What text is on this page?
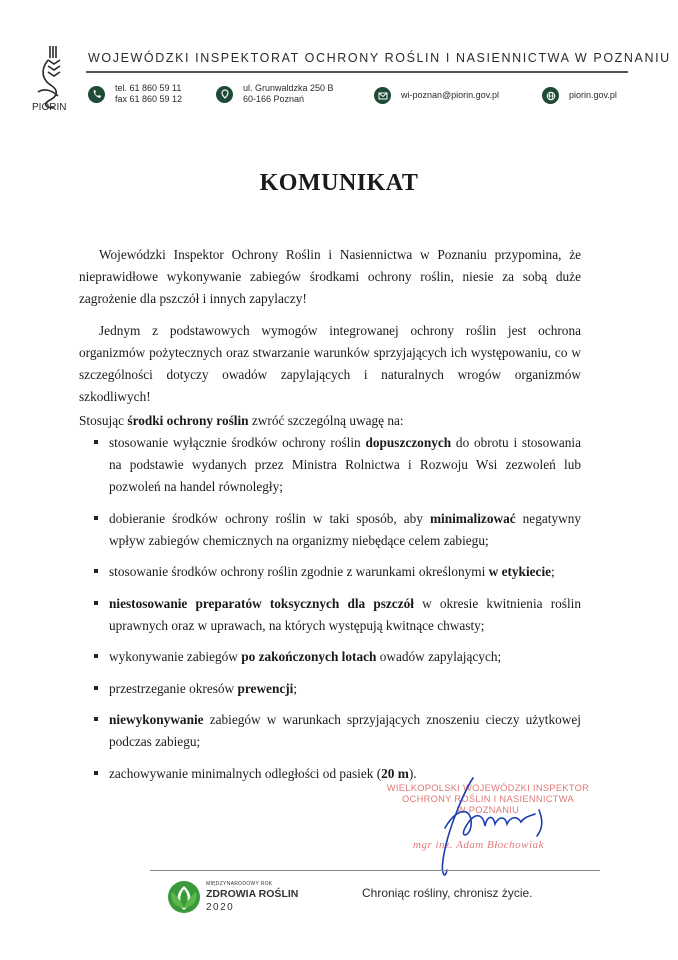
PIORIN
WOJEWÓDZKI INSPEKTORAT OCHRONY ROŚLIN I NASIENNICTWA W POZNANIU
tel. 61 860 59 11
fax 61 860 59 12
ul. Grunwaldzka 250 B
60-166 Poznań	wi-poznan@piorin.gov.pl	piorin.gov.pl
KOMUNIKAT
Wojewódzki Inspektor Ochrony Roślin i Nasiennictwa w Poznaniu przypomina, że nieprawidłowe wykonywanie zabiegów środkami ochrony roślin, niesie za sobą duże zagrożenie dla pszczół i innych zapylaczy!
Jednym z podstawowych wymogów integrowanej ochrony roślin jest ochrona organizmów pożytecznych oraz stwarzanie warunków sprzyjających ich występowaniu, co w szczególności dotyczy owadów zapylających i naturalnych wrogów organizmów szkodliwych!
Stosując środki ochrony roślin zwróć szczególną uwagę na:
stosowanie wyłącznie środków ochrony roślin dopuszczonych do obrotu i stosowania na podstawie wydanych przez Ministra Rolnictwa i Rozwoju Wsi zezwoleń lub pozwoleń na handel równoległy;
dobieranie środków ochrony roślin w taki sposób, aby minimalizować negatywny wpływ zabiegów chemicznych na organizmy niebędące celem zabiegu;
stosowanie środków ochrony roślin zgodnie z warunkami określonymi w etykiecie;
niestosowanie preparatów toksycznych dla pszczół w okresie kwitnienia roślin uprawnych oraz w uprawach, na których występują kwitnące chwasty;
wykonywanie zabiegów po zakończonych lotach owadów zapylających;
przestrzeganie okresów prewencji;
niewykonywanie zabiegów w warunkach sprzyjających znoszeniu cieczy użytkowej podczas zabiegu;
zachowywanie minimalnych odległości od pasiek (20 m).
WIELKOPOLSKI WOJEWÓDZKI INSPEKTOR
OCHRONY ROŚLIN I NASIENNICTWA
W POZNANIU
mgr inż. Adam Błochowiak
MIĘDZYNARODOWY ROK
ZDROWIA ROŚLIN
2020
Chroniąc rośliny, chronisz życie.
